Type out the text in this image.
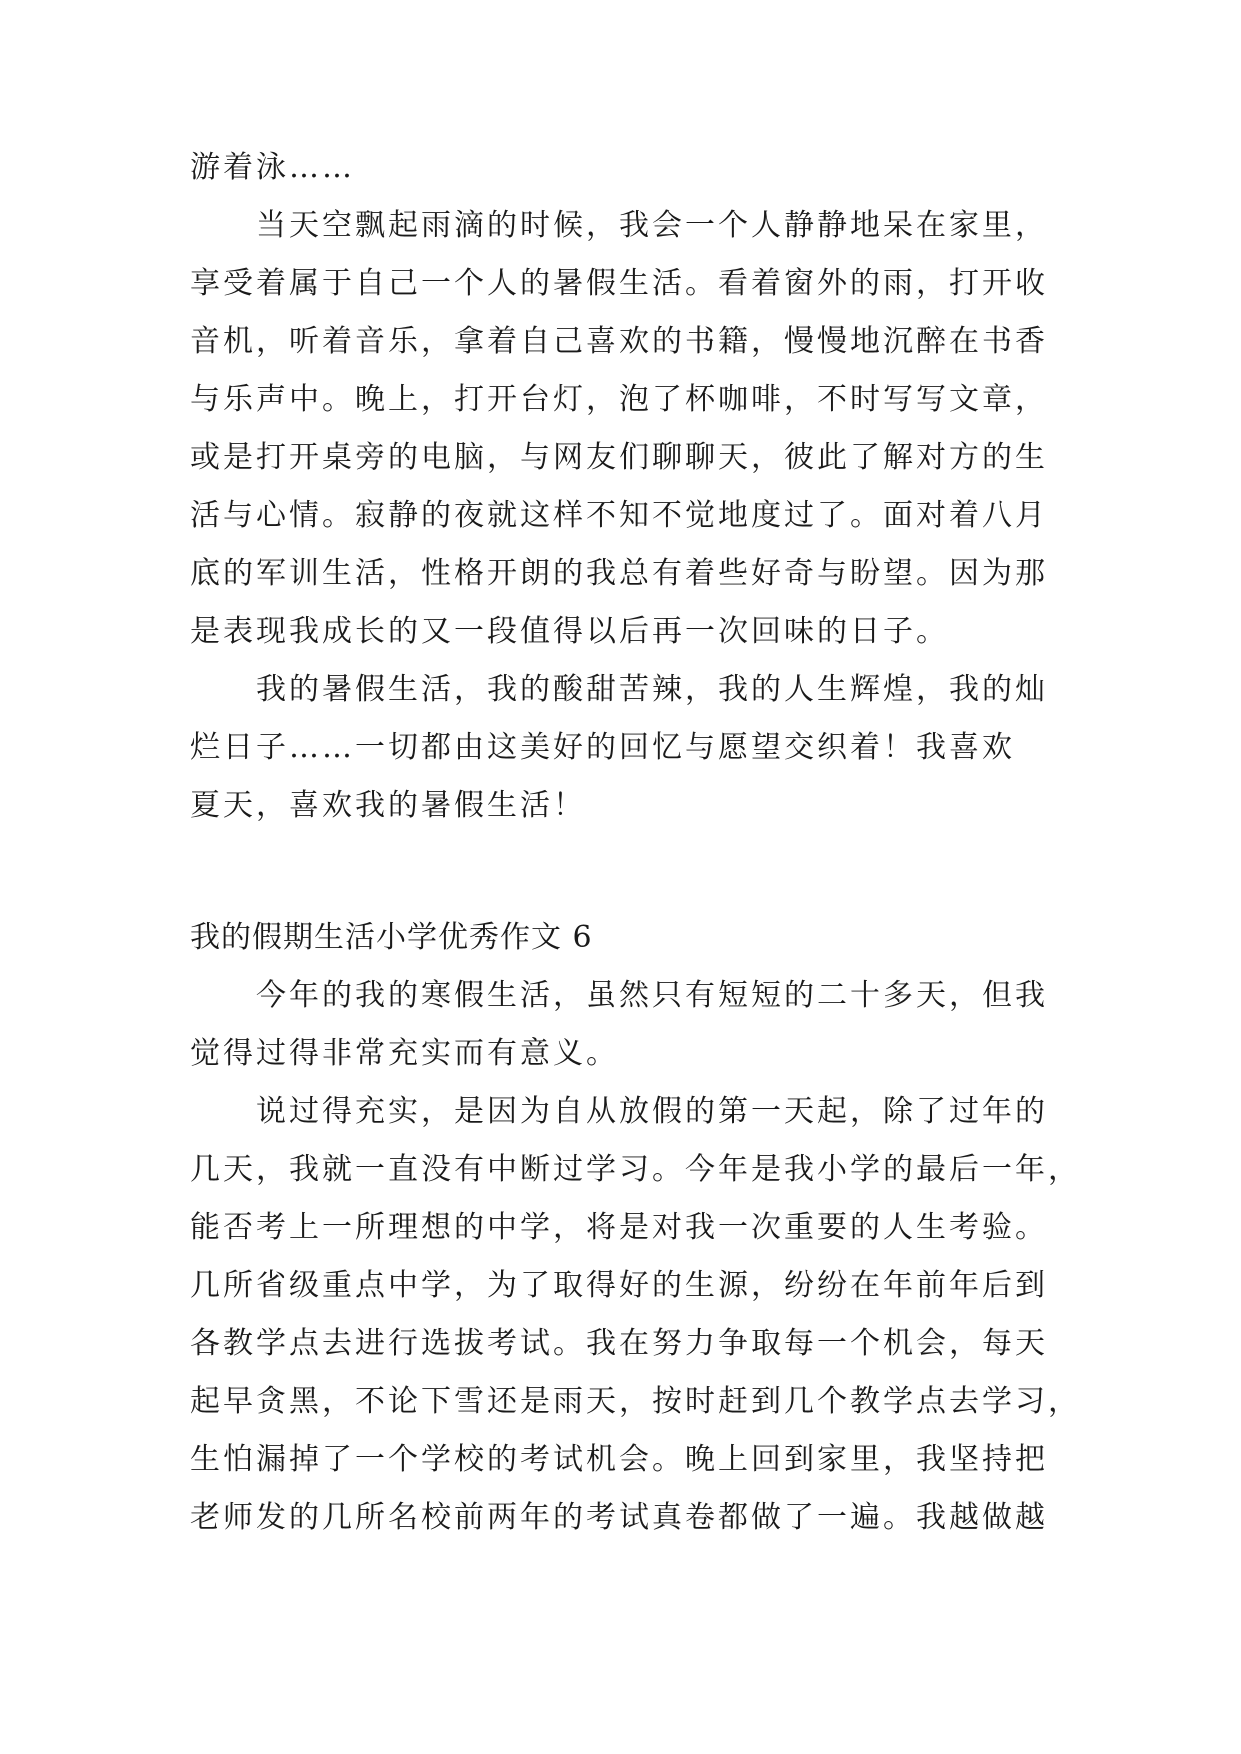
游着泳……
当天空飘起雨滴的时候，我会一个人静静地呆在家里，
享受着属于自己一个人的暑假生活。看着窗外的雨，打开收
音机，听着音乐，拿着自己喜欢的书籍，慢慢地沉醉在书香
与乐声中。晚上，打开台灯，泡了杯咖啡，不时写写文章，
或是打开桌旁的电脑，与网友们聊聊天，彼此了解对方的生
活与心情。寂静的夜就这样不知不觉地度过了。面对着八月
底的军训生活，性格开朗的我总有着些好奇与盼望。因为那
是表现我成长的又一段值得以后再一次回味的日子。
我的暑假生活，我的酸甜苦辣，我的人生辉煌，我的灿
烂日子……一切都由这美好的回忆与愿望交织着！我喜欢
夏天，喜欢我的暑假生活！
我的假期生活小学优秀作文 6
今年的我的寒假生活，虽然只有短短的二十多天，但我
觉得过得非常充实而有意义。
说过得充实，是因为自从放假的第一天起，除了过年的
几天，我就一直没有中断过学习。今年是我小学的最后一年，
能否考上一所理想的中学，将是对我一次重要的人生考验。
几所省级重点中学，为了取得好的生源，纷纷在年前年后到
各教学点去进行选拔考试。我在努力争取每一个机会，每天
起早贪黑，不论下雪还是雨天，按时赶到几个教学点去学习，
生怕漏掉了一个学校的考试机会。晚上回到家里，我坚持把
老师发的几所名校前两年的考试真卷都做了一遍。我越做越
